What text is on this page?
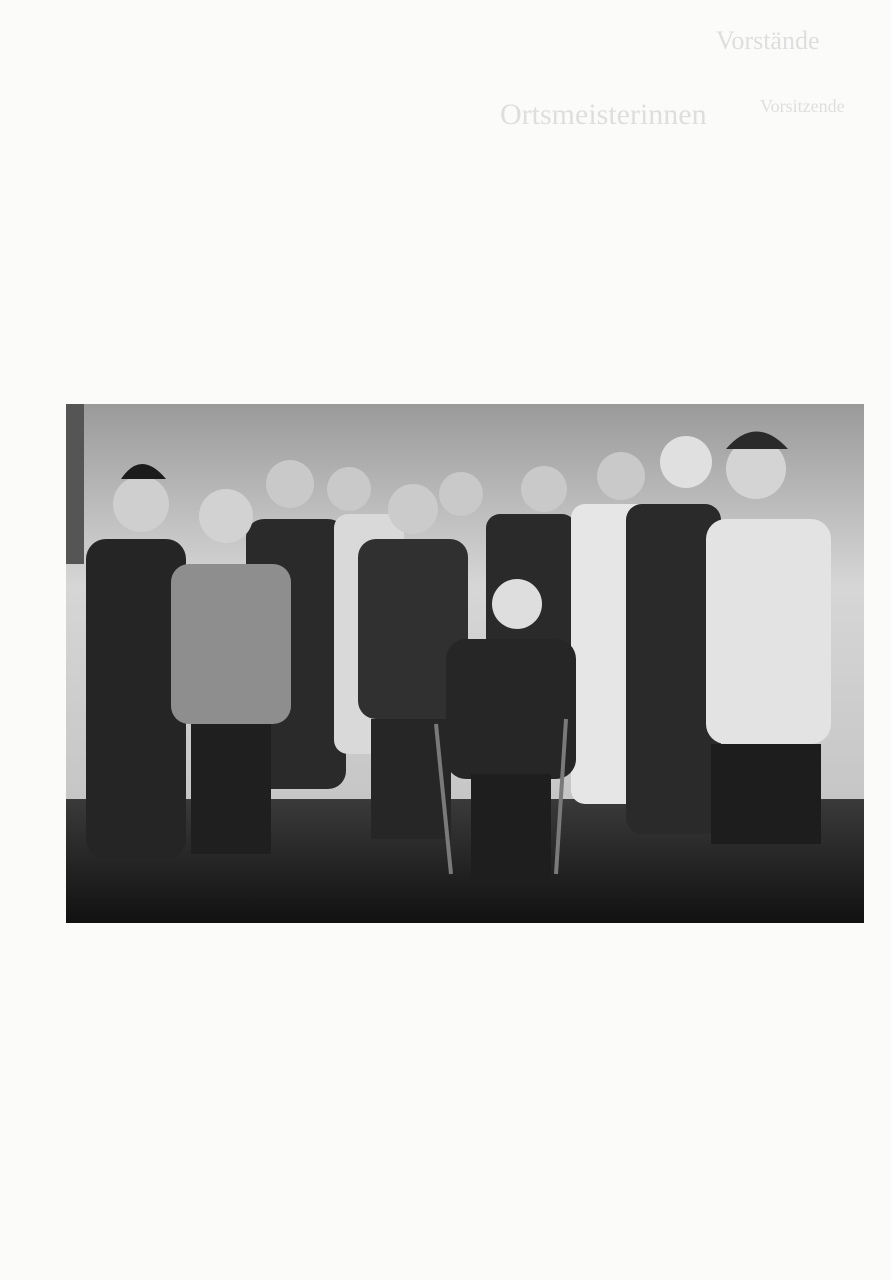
Vorstände
Vorsitzende
Ortsmeisterinnen
